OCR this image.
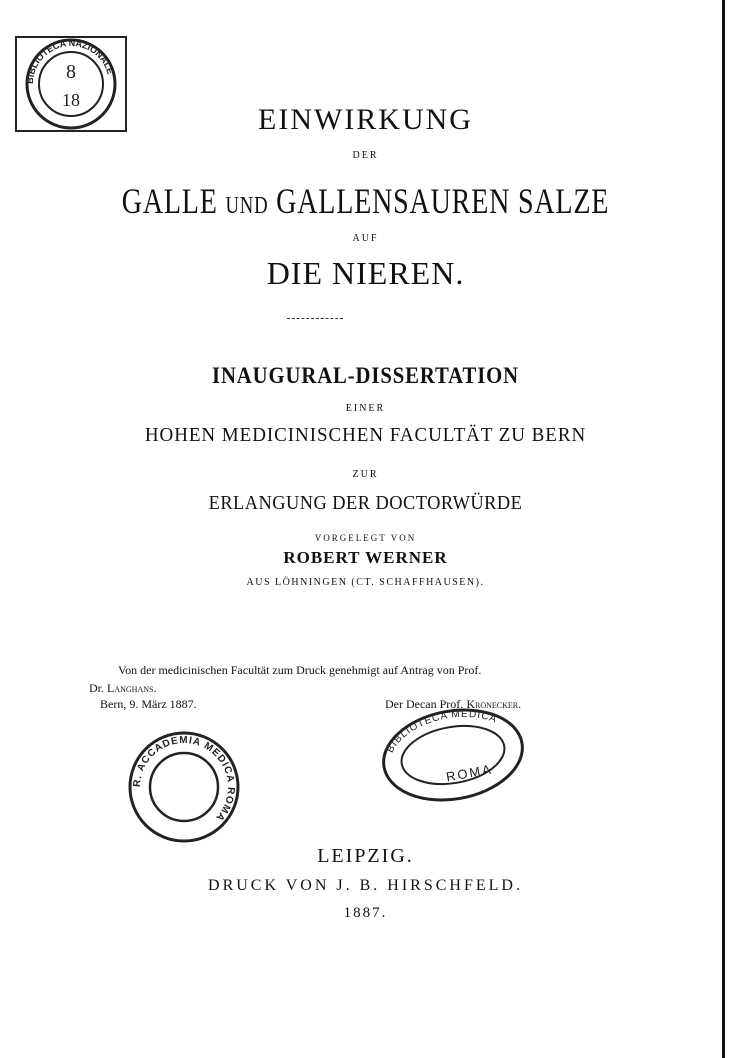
BIBLIOTECA NAZIONALE
8
18
EINWIRKUNG
DER
GALLE UND GALLENSAUREN SALZE
AUF
DIE NIEREN.
INAUGURAL-DISSERTATION
EINER
HOHEN MEDICINISCHEN FACULTÄT ZU BERN
ZUR
ERLANGUNG DER DOCTORWÜRDE
VORGELEGT VON
ROBERT WERNER
AUS LÖHNINGEN (CT. SCHAFFHAUSEN).
Von der medicinischen Facultät zum Druck genehmigt auf Antrag von Prof.
Dr. Langhans.
Bern, 9. März 1887.	Der Decan Prof. Kronecker.
R. ACCADEMIA MEDICA ROMA
BIBLIOTECA MEDICA
ROMA
LEIPZIG.
DRUCK VON J. B. HIRSCHFELD.
1887.
